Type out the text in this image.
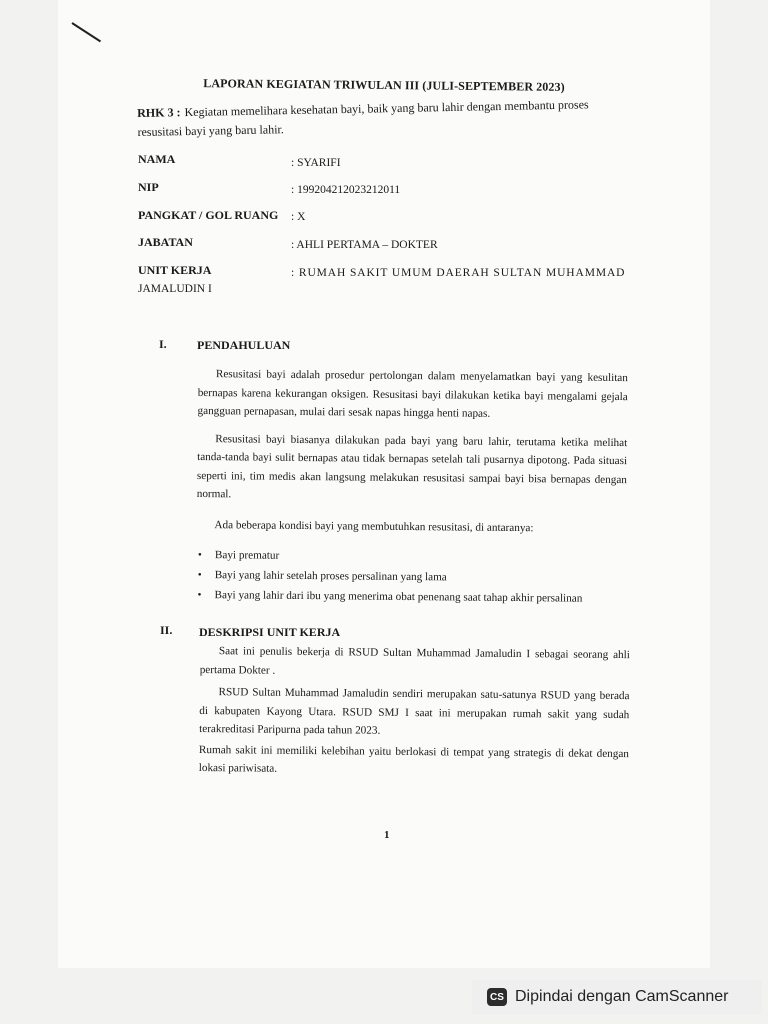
LAPORAN KEGIATAN TRIWULAN III (JULI-SEPTEMBER 2023)
RHK 3 : Kegiatan memelihara kesehatan bayi, baik yang baru lahir dengan membantu proses resusitasi bayi yang baru lahir.
NAMA	: SYARIFI
NIP	: 199204212023212011
PANGKAT / GOL RUANG : X
JABATAN	: AHLI PERTAMA – DOKTER
UNIT KERJA	: RUMAH SAKIT UMUM DAERAH SULTAN MUHAMMAD
JAMALUDIN I
I.	PENDAHULUAN

Resusitasi bayi adalah prosedur pertolongan dalam menyelamatkan bayi yang kesulitan bernapas karena kekurangan oksigen. Resusitasi bayi dilakukan ketika bayi mengalami gejala gangguan pernapasan, mulai dari sesak napas hingga henti napas.

Resusitasi bayi biasanya dilakukan pada bayi yang baru lahir, terutama ketika melihat tanda-tanda bayi sulit bernapas atau tidak bernapas setelah tali pusarnya dipotong. Pada situasi seperti ini, tim medis akan langsung melakukan resusitasi sampai bayi bisa bernapas dengan normal.

Ada beberapa kondisi bayi yang membutuhkan resusitasi, di antaranya:

• Bayi prematur
• Bayi yang lahir setelah proses persalinan yang lama
• Bayi yang lahir dari ibu yang menerima obat penenang saat tahap akhir persalinan
II. DESKRIPSI UNIT KERJA

Saat ini penulis bekerja di RSUD Sultan Muhammad Jamaludin I sebagai seorang ahli pertama Dokter .

RSUD Sultan Muhammad Jamaludin sendiri merupakan satu-satunya RSUD yang berada di kabupaten Kayong Utara. RSUD SMJ I saat ini merupakan rumah sakit yang sudah terakreditasi Paripurna pada tahun 2023.

Rumah sakit ini memiliki kelebihan yaitu berlokasi di tempat yang strategis di dekat dengan lokasi pariwisata.

1
CS Dipindai dengan CamScanner
